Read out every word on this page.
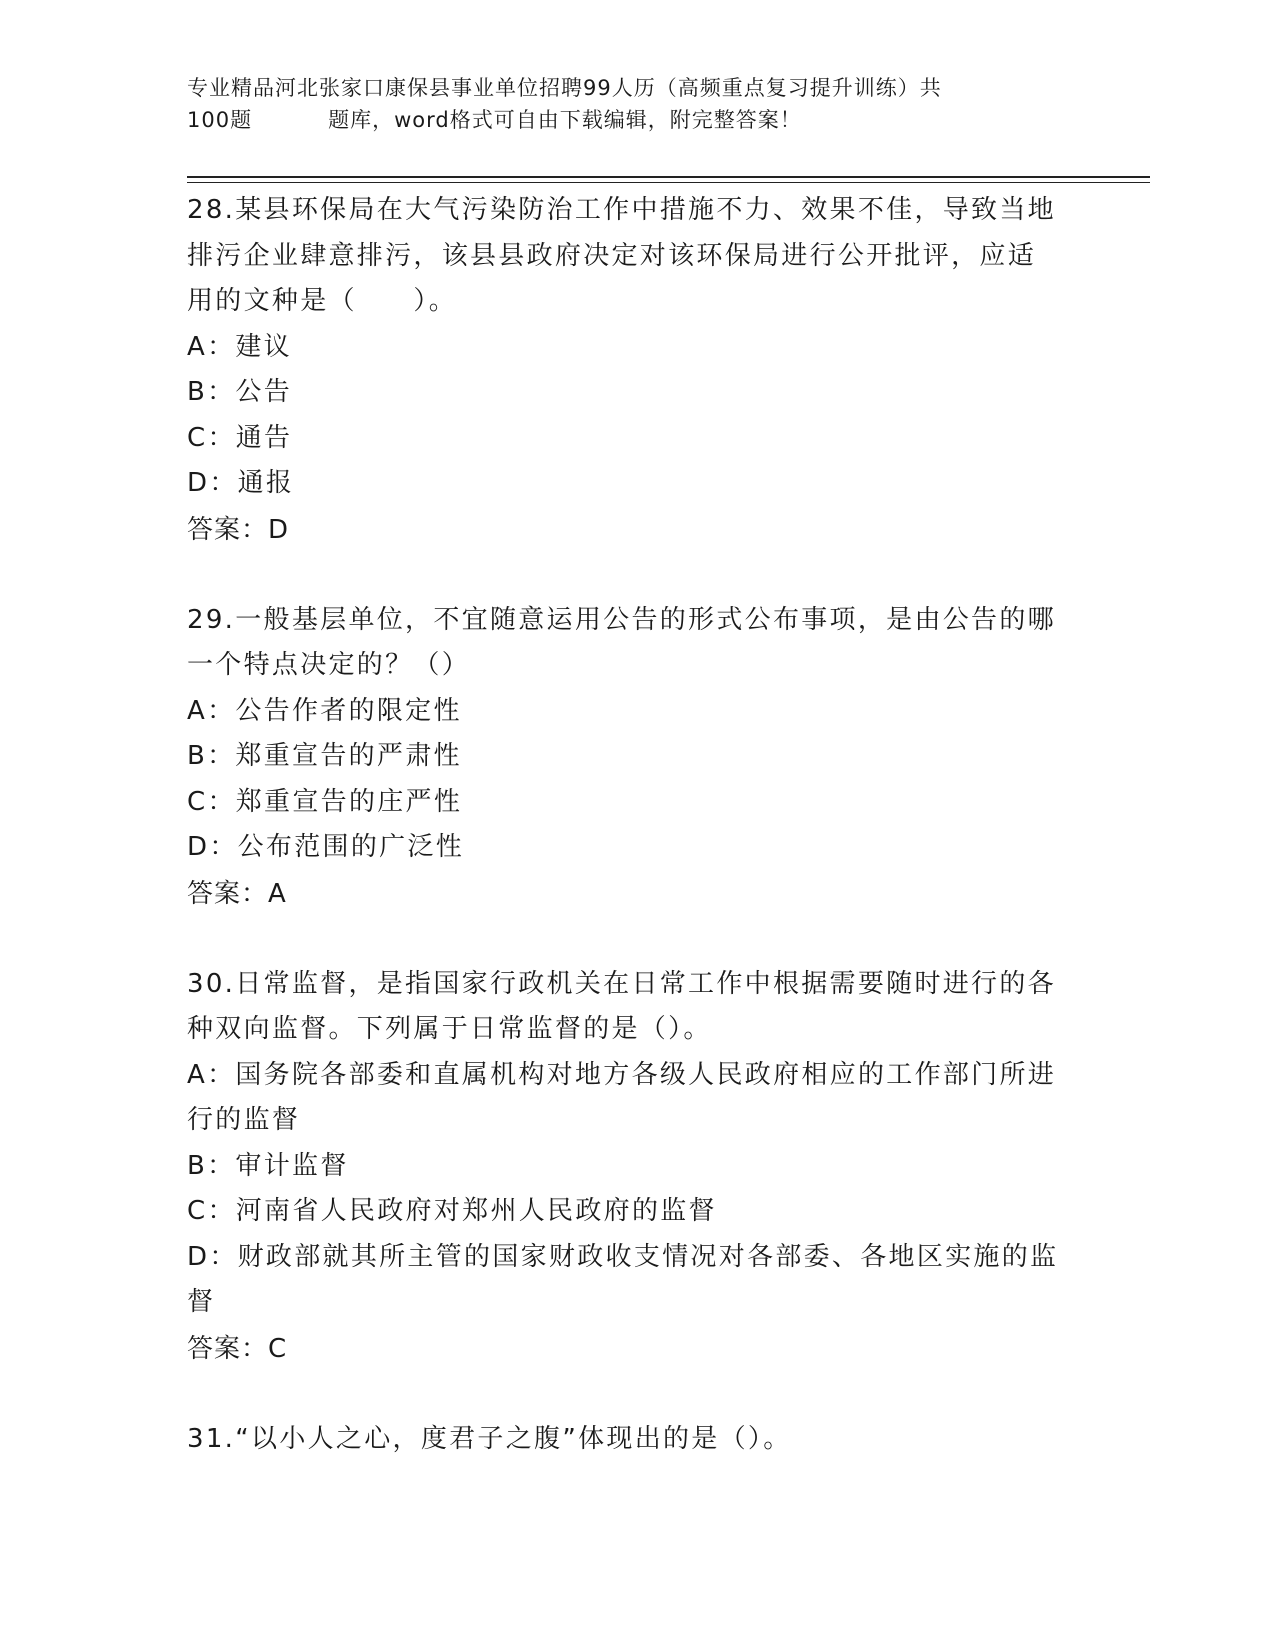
专业精品河北张家口康保县事业单位招聘99人历（高频重点复习提升训练）共
100题	题库，word格式可自由下载编辑，附完整答案！
28.某县环保局在大气污染防治工作中措施不力、效果不佳，导致当地
排污企业肆意排污，该县县政府决定对该环保局进行公开批评，应适
用的文种是（　　）。
A：建议
B：公告
C：通告
D：通报
答案：D
29.一般基层单位，不宜随意运用公告的形式公布事项，是由公告的哪
一个特点决定的？（）
A：公告作者的限定性
B：郑重宣告的严肃性
C：郑重宣告的庄严性
D：公布范围的广泛性
答案：A
30.日常监督，是指国家行政机关在日常工作中根据需要随时进行的各
种双向监督。下列属于日常监督的是（）。
A：国务院各部委和直属机构对地方各级人民政府相应的工作部门所进
行的监督
B：审计监督
C：河南省人民政府对郑州人民政府的监督
D：财政部就其所主管的国家财政收支情况对各部委、各地区实施的监
督
答案：C
31.“以小人之心，度君子之腹”体现出的是（）。
